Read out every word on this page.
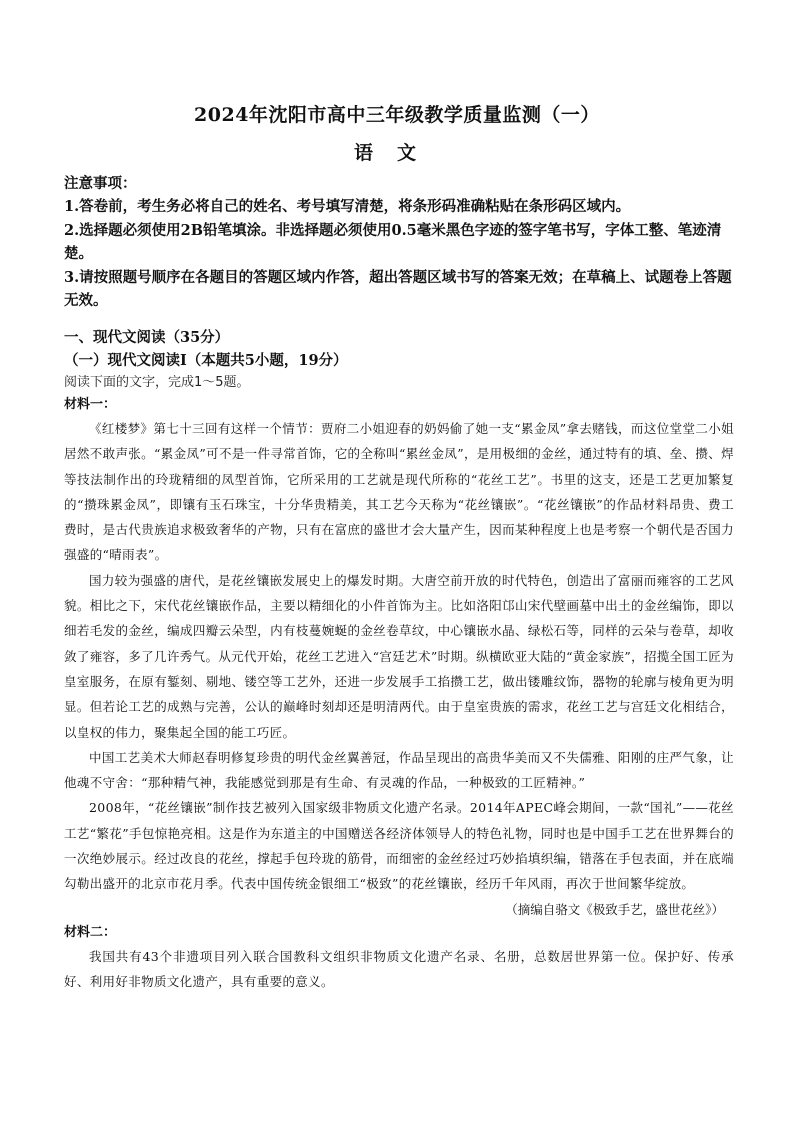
2024年沈阳市高中三年级教学质量监测（一）
语文

注意事项：

1.答卷前，考生务必将自己的姓名、考号填写清楚，将条形码准确粘贴在条形码区域内。

2.选择题必须使用2B铅笔填涂。非选择题必须使用0.5毫米黑色字迹的签字笔书写，字体工整、笔迹清楚。

3.请按照题号顺序在各题目的答题区域内作答，超出答题区域书写的答案无效；在草稿上、试题卷上答题无效。

一、现代文阅读（35分）

（一）现代文阅读Ⅰ（本题共5小题，19分）

阅读下面的文字，完成1～5题。

材料一：

《红楼梦》第七十三回有这样一个情节：贾府二小姐迎春的奶妈偷了她一支“累金凤”拿去赌钱，而这位堂堂二小姐居然不敢声张。“累金凤”可不是一件寻常首饰，它的全称叫“累丝金凤”，是用极细的金丝，通过特有的填、垒、攒、焊等技法制作出的玲珑精细的凤型首饰，它所采用的工艺就是现代所称的“花丝工艺”。书里的这支，还是工艺更加繁复的“攒珠累金凤”，即镶有玉石珠宝，十分华贵精美，其工艺今天称为“花丝镶嵌”。“花丝镶嵌”的作品材料昂贵、费工费时，是古代贵族追求极致奢华的产物，只有在富庶的盛世才会大量产生，因而某种程度上也是考察一个朝代是否国力强盛的“晴雨表”。

国力较为强盛的唐代，是花丝镶嵌发展史上的爆发时期。大唐空前开放的时代特色，创造出了富丽而雍容的工艺风貌。相比之下，宋代花丝镶嵌作品，主要以精细化的小件首饰为主。比如洛阳邙山宋代壁画墓中出土的金丝编饰，即以细若毛发的金丝，编成四瓣云朵型，内有枝蔓婉蜒的金丝卷草纹，中心镶嵌水晶、绿松石等，同样的云朵与卷草，却收敛了雍容，多了几许秀气。从元代开始，花丝工艺进入“宫廷艺术”时期。纵横欧亚大陆的“黄金家族”，招揽全国工匠为皇室服务，在原有錾刻、剔地、镂空等工艺外，还进一步发展手工掐攒工艺，做出镂雕纹饰，器物的轮廓与棱角更为明显。但若论工艺的成熟与完善，公认的巅峰时刻却还是明清两代。由于皇室贵族的需求，花丝工艺与宫廷文化相结合，以皇权的伟力，聚集起全国的能工巧匠。

中国工艺美术大师赵春明修复珍贵的明代金丝翼善冠，作品呈现出的高贵华美而又不失儒雅、阳刚的庄严气象，让他魂不守舍：“那种精气神，我能感觉到那是有生命、有灵魂的作品，一种极致的工匠精神。”

2008年，“花丝镶嵌”制作技艺被列入国家级非物质文化遗产名录。2014年APEC峰会期间，一款“国礼”——花丝工艺“繁花”手包惊艳亮相。这是作为东道主的中国赠送各经济体领导人的特色礼物，同时也是中国手工艺在世界舞台的一次绝妙展示。经过改良的花丝，撑起手包玲珑的筋骨，而细密的金丝经过巧妙掐填织编，错落在手包表面，并在底端勾勒出盛开的北京市花月季。代表中国传统金银细工“极致”的花丝镶嵌，经历千年风雨，再次于世间繁华绽放。

（摘编自骆文《极致手艺，盛世花丝》）

材料二：

我国共有43个非遗项目列入联合国教科文组织非物质文化遗产名录、名册，总数居世界第一位。保护好、传承好、利用好非物质文化遗产，具有重要的意义。
